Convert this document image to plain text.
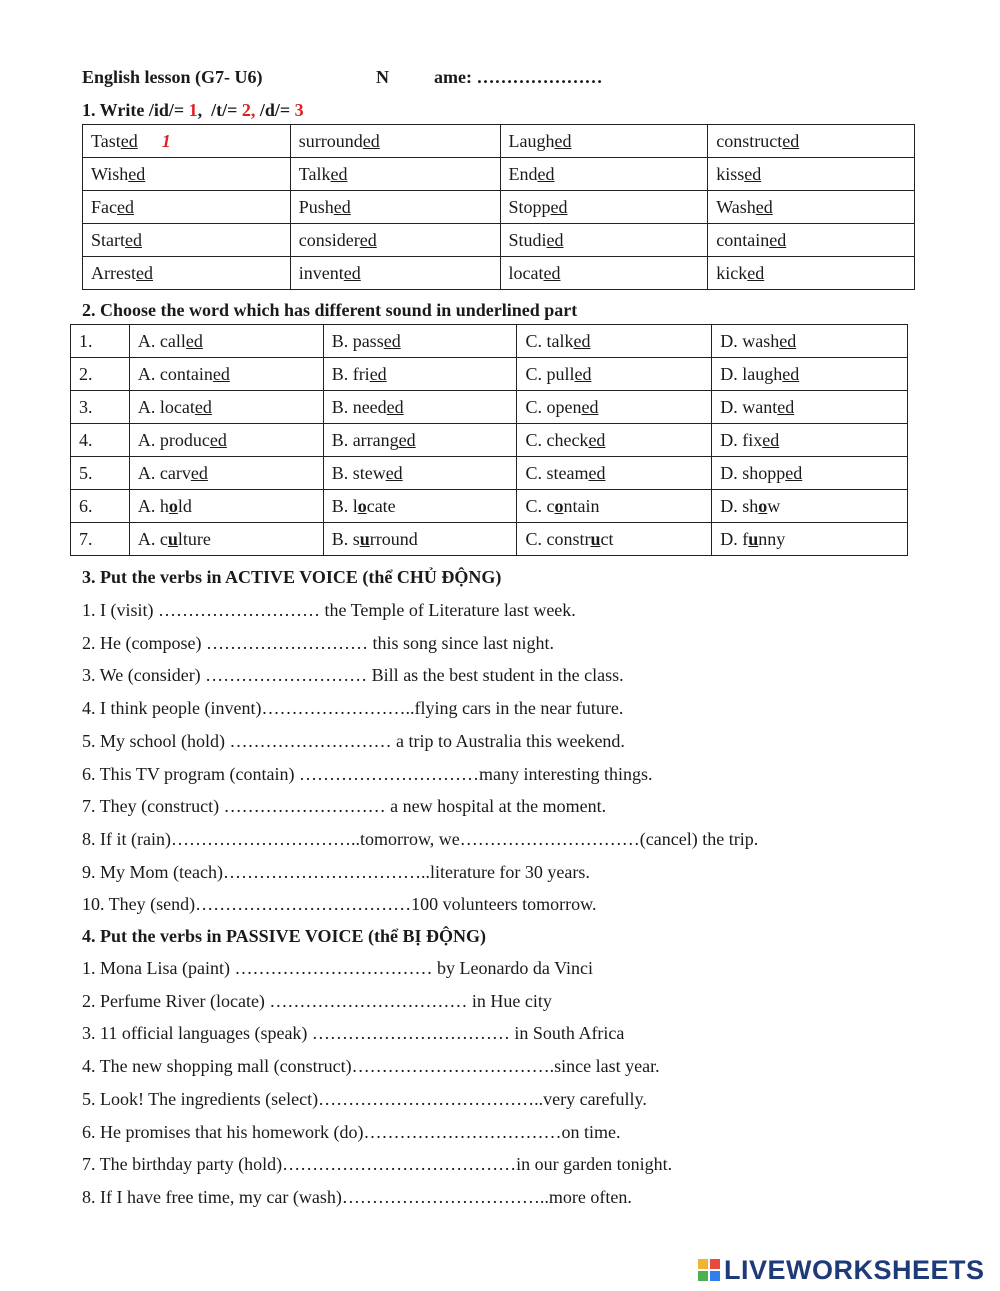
English lesson (G7- U6)	N	ame: …………………
1. Write /id/= 1,  /t/= 2, /d/= 3
Tasted 1	surrounded	Laughed	constructed
Wished	Talked	Ended	kissed
Faced	Pushed	Stopped	Washed
Started	considered	Studied	contained
Arrested	invented	located	kicked
2. Choose the word which has different sound in underlined part
1.	A. called	B. passed	C. talked	D. washed
2.	A. contained	B. fried	C. pulled	D. laughed
3.	A. located	B. needed	C. opened	D. wanted
4.	A. produced	B. arranged	C. checked	D. fixed
5.	A. carved	B. stewed	C. steamed	D. shopped
6.	A. hold	B. locate	C. contain	D. show
7.	A. culture	B. surround	C. construct	D. funny
3. Put the verbs in ACTIVE VOICE (thể CHỦ ĐỘNG)
1. I (visit) ……………………… the Temple of Literature last week.
2. He (compose) ……………………… this song since last night.
3. We (consider) ……………………… Bill as the best student in the class.
4. I think people (invent)……………………..flying cars in the near future.
5. My school (hold) ……………………… a trip to Australia this weekend.
6. This TV program (contain) …………………………many interesting things.
7. They (construct) ……………………… a new hospital at the moment.
8. If it (rain)…………………………..tomorrow, we…………………………(cancel) the trip.
9. My Mom (teach)……………………………..literature for 30 years.
10. They (send)………………………………100 volunteers tomorrow.
4. Put the verbs in PASSIVE VOICE (thể BỊ ĐỘNG)
1. Mona Lisa (paint) …………………………… by Leonardo da Vinci
2. Perfume River (locate) …………………………… in Hue city
3. 11 official languages (speak) …………………………… in South Africa
4. The new shopping mall (construct)…………………………….since last year.
5. Look! The ingredients (select)………………………………..very carefully.
6. He promises that his homework (do)……………………………on time.
7. The birthday party (hold)…………………………………in our garden tonight.
8. If I have free time, my car (wash)……………………………..more often.
LIVEWORKSHEETS
